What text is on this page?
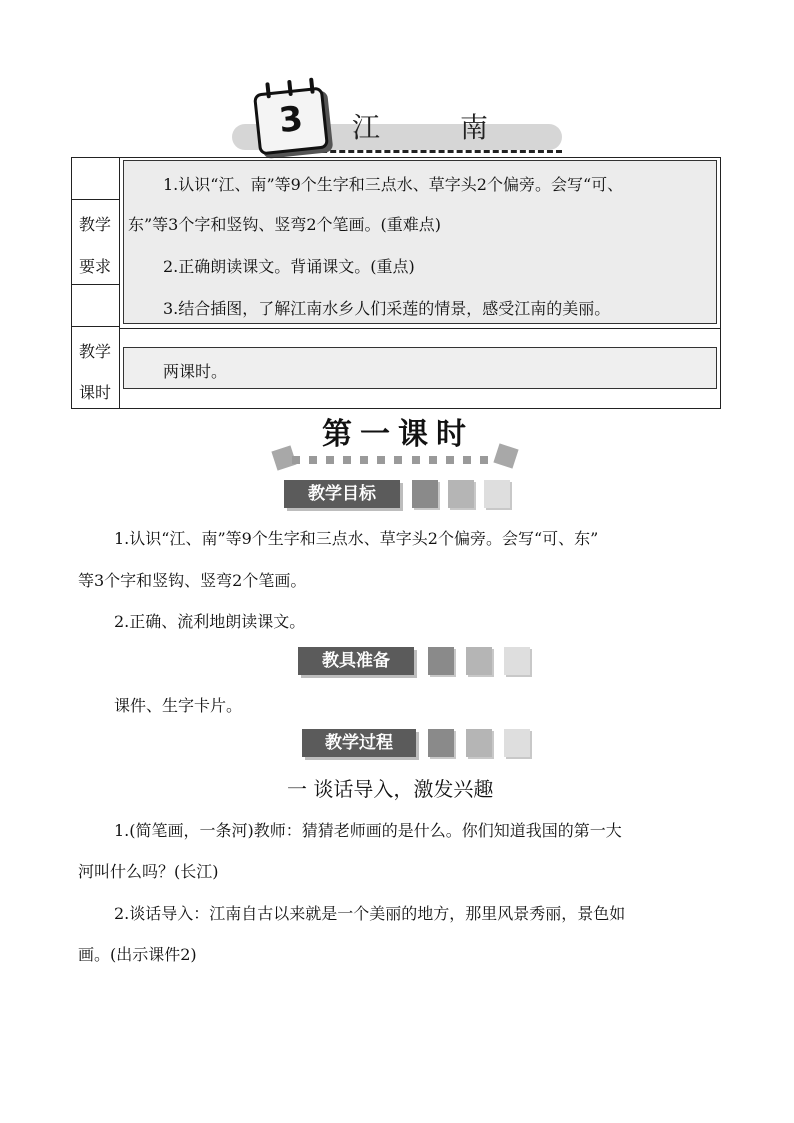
3	江	南
教学
要求
1.认识“江、南”等9个生字和三点水、草字头2个偏旁。会写“可、
东”等3个字和竖钩、竖弯2个笔画。(重难点)
2.正确朗读课文。背诵课文。(重点)
3.结合插图，了解江南水乡人们采莲的情景，感受江南的美丽。
教学
课时
两课时。
第一课时
教学目标
1.认识“江、南”等9个生字和三点水、草字头2个偏旁。会写“可、东”
等3个字和竖钩、竖弯2个笔画。
2.正确、流利地朗读课文。
教具准备
课件、生字卡片。
教学过程
一 谈话导入，激发兴趣
1.(简笔画，一条河)教师：猜猜老师画的是什么。你们知道我国的第一大
河叫什么吗？(长江)
2.谈话导入：江南自古以来就是一个美丽的地方，那里风景秀丽，景色如
画。(出示课件2)
